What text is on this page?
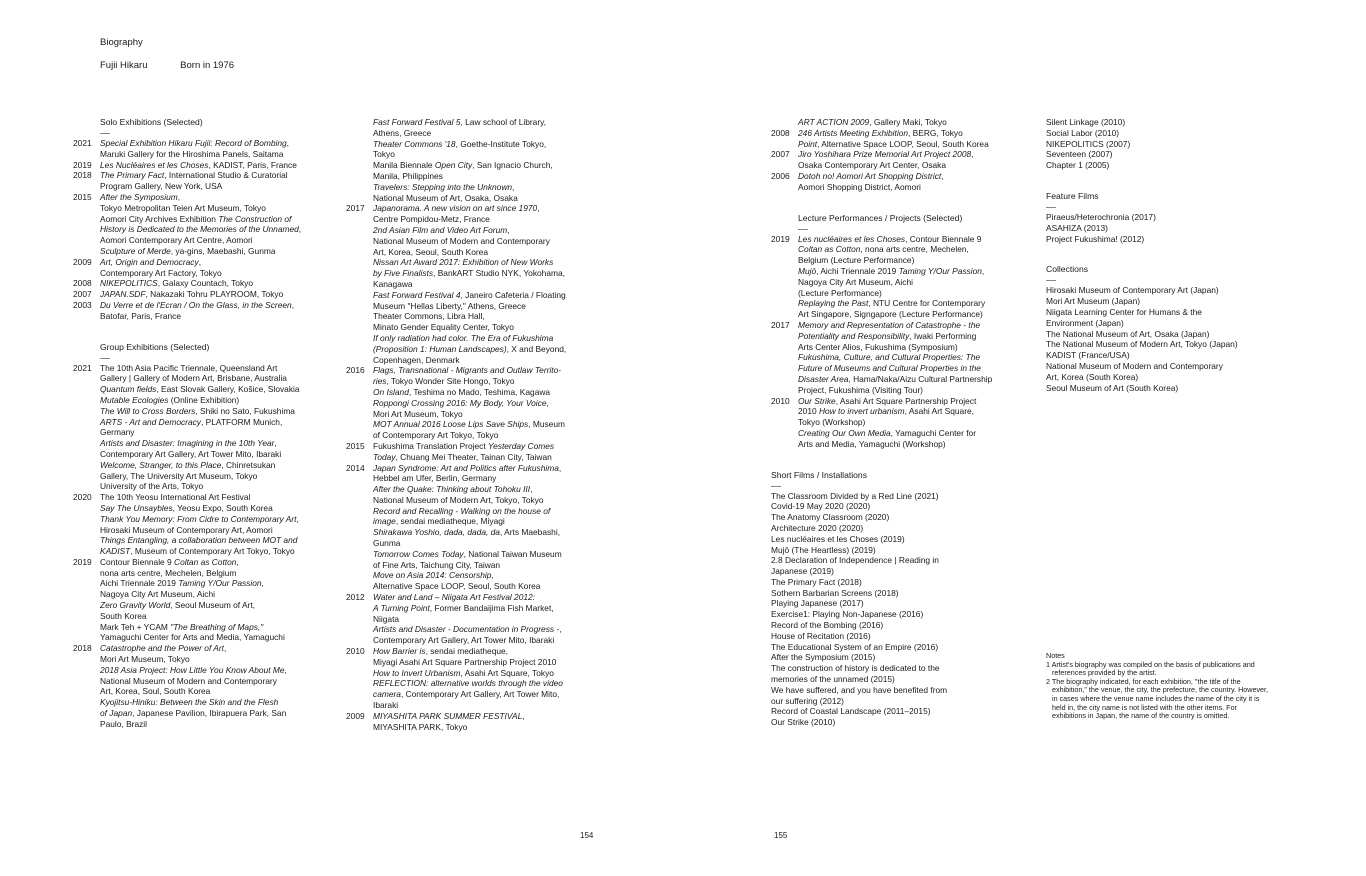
Biography
Fujii Hikaru	Born in 1976
Solo Exhibitions (Selected)
2021 Special Exhibition Hikaru Fujii: Record of Bombing,
Maruki Gallery for the Hiroshima Panels, Saitama
2019 Les Nucléaires et les Choses, KADIST, Paris, France
2018 The Primary Fact, International Studio & Curatorial
Program Gallery, New York, USA
2015 After the Symposium,
Tokyo Metropolitan Teien Art Museum, Tokyo
Aomori City Archives Exhibition The Construction of
History is Dedicated to the Memories of the Unnamed,
Aomori Contemporary Art Centre, Aomori
Sculpture of Merde, ya-gins, Maebashi, Gunma
2009 Art, Origin and Democracy,
Contemporary Art Factory, Tokyo
2008 NIKEPOLITICS, Galaxy Countach, Tokyo
2007 JAPAN.SDF, Nakazaki Tohru PLAYROOM, Tokyo
2003 Du Verre et de l'Ecran / On the Glass, in the Screen,
Batofar, Paris, France
Group Exhibitions (Selected)
2021 The 10th Asia Pacific Triennale, Queensland Art
Gallery | Gallery of Modern Art, Brisbane, Australia
Quantum fields, East Slovak Gallery, Košice, Slovakia
Mutable Ecologies (Online Exhibition)
The Will to Cross Borders, Shiki no Sato, Fukushima
ARTS - Art and Democracy, PLATFORM Munich,
Germany
Artists and Disaster: Imagining in the 10th Year,
Contemporary Art Gallery, Art Tower Mito, Ibaraki
Welcome, Stranger, to this Place, Chinretsukan
Gallery, The University Art Museum, Tokyo
University of the Arts, Tokyo
2020 The 10th Yeosu International Art Festival
Say The Unsaybles, Yeosu Expo, South Korea
Thank You Memory: From Cidre to Contemporary Art,
Hirosaki Museum of Contemporary Art, Aomori
Things Entangling, a collaboration between MOT and
KADIST, Museum of Contemporary Art Tokyo, Tokyo
2019 Contour Biennale 9 Coltan as Cotton,
nona arts centre, Mechelen, Belgium
Aichi Triennale 2019 Taming Y/Our Passion,
Nagoya City Art Museum, Aichi
Zero Gravity World, Seoul Museum of Art,
South Korea
Mark Teh + YCAM "The Breathing of Maps,"
Yamaguchi Center for Arts and Media, Yamaguchi
2018 Catastrophe and the Power of Art,
Mori Art Museum, Tokyo
2018 Asia Project: How Little You Know About Me,
National Museum of Modern and Contemporary
Art, Korea, Soul, South Korea
Kyojitsu-Hiniku: Between the Skin and the Flesh
of Japan, Japanese Pavilion, Ibirapuera Park, San
Paulo, Brazil
Fast Forward Festival 5, Law school of Library,
Athens, Greece
Theater Commons '18, Goethe-Institute Tokyo,
Tokyo
Manila Biennale Open City, San Ignacio Church,
Manila, Philippines
Travelers: Stepping into the Unknown,
National Museum of Art, Osaka, Osaka
2017 Japanorama. A new vision on art since 1970,
Centre Pompidou-Metz, France
2nd Asian Film and Video Art Forum,
National Museum of Modern and Contemporary
Art, Korea, Seoul, South Korea
Nissan Art Award 2017: Exhibition of New Works
by Five Finalists, BankART Studio NYK, Yokohama,
Kanagawa
Fast Forward Festival 4, Janeiro Cafeteria / Floating
Museum "Hellas Liberty," Athens, Greece
Theater Commons, Libra Hall,
Minato Gender Equality Center, Tokyo
If only radiation had color. The Era of Fukushima
(Proposition 1: Human Landscapes), X and Beyond,
Copenhagen, Denmark
2016 Flags, Transnational - Migrants and Outlaw Territo-
ries, Tokyo Wonder Site Hongo, Tokyo
On Island, Teshima no Mado, Teshima, Kagawa
Roppongi Crossing 2016: My Body, Your Voice,
Mori Art Museum, Tokyo
MOT Annual 2016 Loose Lips Save Ships, Museum
of Contemporary Art Tokyo, Tokyo
2015 Fukushima Translation Project Yesterday Comes
Today, Chuang Mei Theater, Tainan City, Taiwan
2014 Japan Syndrome: Art and Politics after Fukushima,
Hebbel am Ufer, Berlin, Germany
After the Quake: Thinking about Tohoku III,
National Museum of Modern Art, Tokyo, Tokyo
Record and Recalling - Walking on the house of
image, sendai mediatheque, Miyagi
Shirakawa Yoshio, dada, dada, da, Arts Maebashi,
Gunma
Tomorrow Comes Today, National Taiwan Museum
of Fine Arts, Taichung City, Taiwan
Move on Asia 2014: Censorship,
Alternative Space LOOP, Seoul, South Korea
2012 Water and Land – Niigata Art Festival 2012:
A Turning Point, Former Bandaijima Fish Market,
Niigata
Artists and Disaster - Documentation in Progress -,
Contemporary Art Gallery, Art Tower Mito, Ibaraki
2010 How Barrier is, sendai mediatheque,
Miyagi Asahi Art Square Partnership Project 2010
How to Invert Urbanism, Asahi Art Square, Tokyo
REFLECTION: alternative worlds through the video
camera, Contemporary Art Gallery, Art Tower Mito,
Ibaraki
2009 MIYASHITA PARK SUMMER FESTIVAL,
MIYASHITA PARK, Tokyo
154
ART ACTION 2009, Gallery Maki, Tokyo
2008 246 Artists Meeting Exhibition, BERG, Tokyo
Point, Alternative Space LOOP, Seoul, South Korea
2007 Jiro Yoshihara Prize Memorial Art Project 2008,
Osaka Contemporary Art Center, Osaka
2006 Dotoh no! Aomori Art Shopping District,
Aomori Shopping District, Aomori
Lecture Performances / Projects (Selected)
2019 Les nucléaires et les Choses, Contour Biennale 9
Coltan as Cotton, nona arts centre, Mechelen,
Belgium (Lecture Performance)
Mujō, Aichi Triennale 2019 Taming Y/Our Passion,
Nagoya City Art Museum, Aichi
(Lecture Performance)
Replaying the Past, NTU Centre for Contemporary
Art Singapore, Signgapore (Lecture Performance)
2017 Memory and Representation of Catastrophe - the
Potentiality and Responsibility, Iwaki Performing
Arts Center Alios, Fukushima (Symposium)
Fukushima, Culture, and Cultural Properties: The
Future of Museums and Cultural Properties in the
Disaster Area, Hama/Naka/Aizu Cultural Partnership
Project, Fukushima (Visiting Tour)
2010 Our Strike, Asahi Art Square Partnership Project
2010 How to invert urbanism, Asahi Art Square,
Tokyo (Workshop)
Creating Our Own Media, Yamaguchi Center for
Arts and Media, Yamaguchi (Workshop)
Short Films / Installations
The Classroom Divided by a Red Line (2021)
Covid-19 May 2020 (2020)
The Anatomy Classroom (2020)
Architecture 2020 (2020)
Les nucléaires et les Choses (2019)
Mujō (The Heartless) (2019)
2.8 Declaration of Independence | Reading in
Japanese (2019)
The Primary Fact (2018)
Sothern Barbarian Screens (2018)
Playing Japanese (2017)
Exercise1: Playing Non-Japanese (2016)
Record of the Bombing (2016)
House of Recitation (2016)
The Educational System of an Empire (2016)
After the Symposium (2015)
The construction of history is dedicated to the
memories of the unnamed (2015)
We have suffered, and you have benefited from
our suffering (2012)
Record of Coastal Landscape (2011–2015)
Our Strike (2010)
Silent Linkage (2010)
Social Labor (2010)
NIKEPOLITICS (2007)
Seventeen (2007)
Chapter 1 (2005)
Feature Films
Piraeus/Heterochronia (2017)
ASAHIZA (2013)
Project Fukushima! (2012)
Collections
Hirosaki Museum of Contemporary Art (Japan)
Mori Art Museum (Japan)
Niigata Learning Center for Humans & the
Environment (Japan)
The National Museum of Art, Osaka (Japan)
The National Museum of Modern Art, Tokyo (Japan)
KADIST (France/USA)
National Museum of Modern and Contemporary
Art, Korea (South Korea)
Seoul Museum of Art (South Korea)
Notes
1 Artist's biography was compiled on the basis of publications and references provided by the artist.
2 The biography indicated, for each exhibition, "the title of the exhibition," the venue, the city, the prefecture, the country. However, in cases where the venue name includes the name of the city it is held in, the city name is not listed with the other items. For exhibitions in Japan, the name of the country is omitted.
155
